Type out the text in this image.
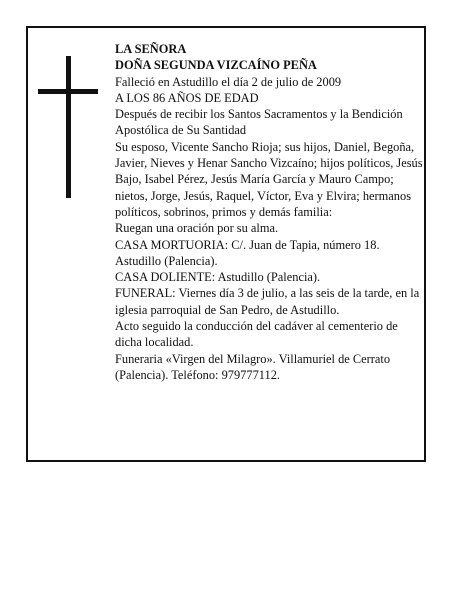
LA SEÑORA

DOÑA SEGUNDA VIZCAÍNO PEÑA

Falleció en Astudillo el día 2 de julio de 2009

A LOS 86 AÑOS DE EDAD

Después de recibir los Santos Sacramentos y la Bendición Apostólica de Su Santidad

Su esposo, Vicente Sancho Rioja; sus hijos, Daniel, Begoña, Javier, Nieves y Henar Sancho Vizcaíno; hijos políticos, Jesús Bajo, Isabel Pérez, Jesús María García y Mauro Campo; nietos, Jorge, Jesús, Raquel, Víctor, Eva y Elvira; hermanos políticos, sobrinos, primos y demás familia:

Ruegan una oración por su alma.

CASA MORTUORIA: C/. Juan de Tapia, número 18. Astudillo (Palencia).

CASA DOLIENTE: Astudillo (Palencia).

FUNERAL: Viernes día 3 de julio, a las seis de la tarde, en la iglesia parroquial de San Pedro, de Astudillo.

Acto seguido la conducción del cadáver al cementerio de dicha localidad.

Funeraria «Virgen del Milagro». Villamuriel de Cerrato (Palencia). Teléfono: 979777112.
